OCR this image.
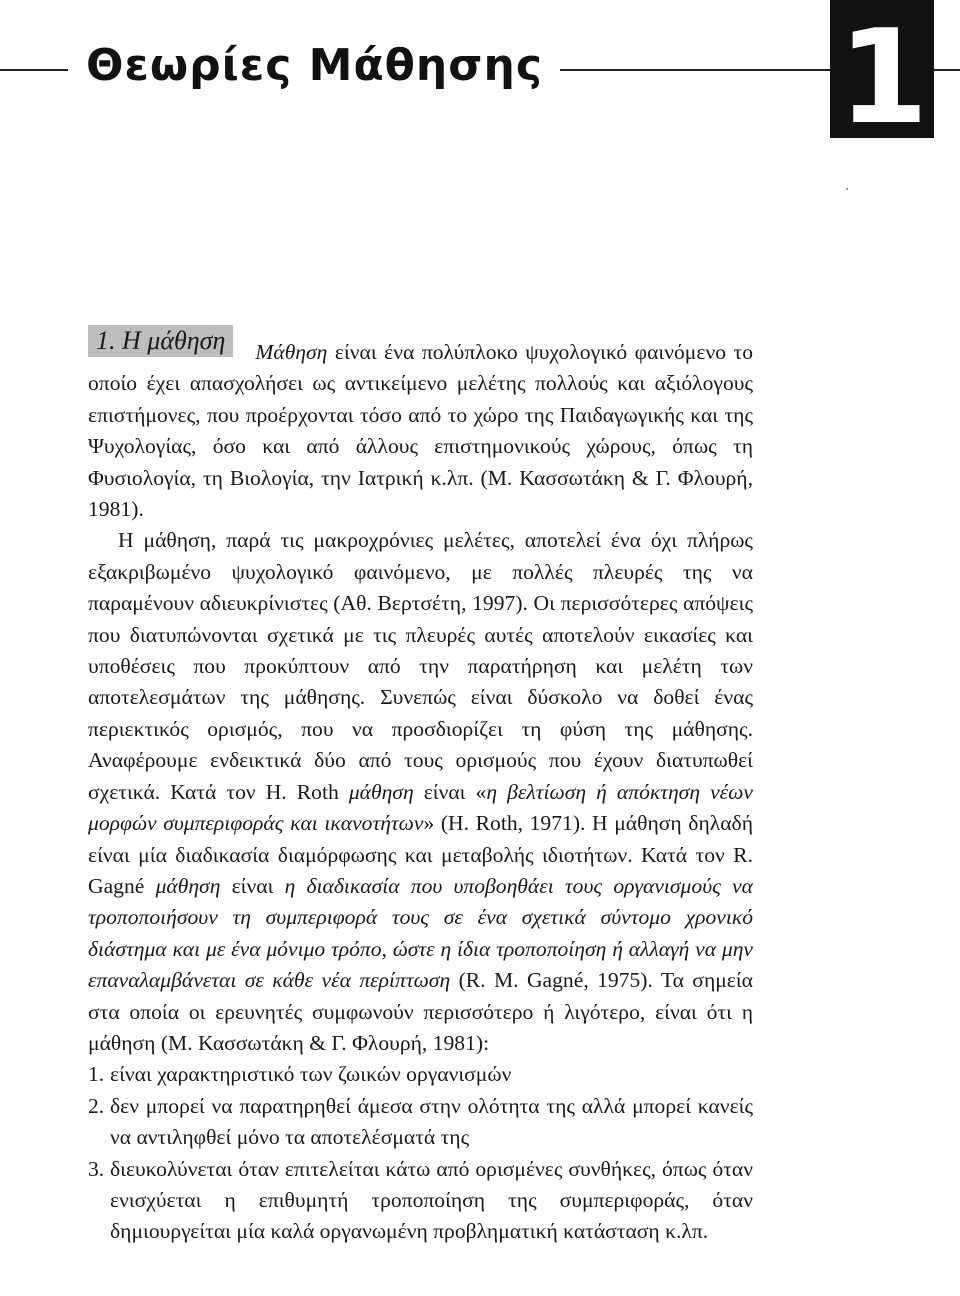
Θεωρίες Μάθησης 1

1. Η μάθηση Μάθηση είναι ένα πολύπλοκο ψυχολογικό φαινόμενο το οποίο έχει απασχολήσει ως αντικείμενο μελέτης πολλούς και αξιόλογους επιστήμονες, που προέρχονται τόσο από το χώρο της Παιδαγωγικής και της Ψυχολογίας, όσο και από άλλους επιστημονικούς χώρους, όπως τη Φυσιολογία, τη Βιολογία, την Ιατρική κ.λπ. (Μ. Κασσωτάκη & Γ. Φλουρή, 1981).

Η μάθηση, παρά τις μακροχρόνιες μελέτες, αποτελεί ένα όχι πλήρως εξακριβωμένο ψυχολογικό φαινόμενο, με πολλές πλευρές της να παραμένουν αδιευκρίνιστες (Αθ. Βερτσέτη, 1997). Οι περισσότερες απόψεις που διατυπώνονται σχετικά με τις πλευρές αυτές αποτελούν εικασίες και υποθέσεις που προκύπτουν από την παρατήρηση και μελέτη των αποτελεσμάτων της μάθησης. Συνεπώς είναι δύσκολο να δοθεί ένας περιεκτικός ορισμός, που να προσδιορίζει τη φύση της μάθησης. Αναφέρουμε ενδεικτικά δύο από τους ορισμούς που έχουν διατυπωθεί σχετικά. Κατά τον Η. Roth μάθηση είναι «η βελτίωση ή απόκτηση νέων μορφών συμπεριφοράς και ικανοτήτων» (Η. Roth, 1971). Η μάθηση δηλαδή είναι μία διαδικασία διαμόρφωσης και μεταβολής ιδιοτήτων. Κατά τον R. Gagné μάθηση είναι η διαδικασία που υποβοηθάει τους οργανισμούς να τροποποιήσουν τη συμπεριφορά τους σε ένα σχετικά σύντομο χρονικό διάστημα και με ένα μόνιμο τρόπο, ώστε η ίδια τροποποίηση ή αλλαγή να μην επαναλαμβάνεται σε κάθε νέα περίπτωση (R. M. Gagné, 1975). Τα σημεία στα οποία οι ερευνητές συμφωνούν περισσότερο ή λιγότερο, είναι ότι η μάθηση (Μ. Κασσωτάκη & Γ. Φλουρή, 1981):

1. είναι χαρακτηριστικό των ζωικών οργανισμών
2. δεν μπορεί να παρατηρηθεί άμεσα στην ολότητα της αλλά μπορεί κανείς να αντιληφθεί μόνο τα αποτελέσματά της
3. διευκολύνεται όταν επιτελείται κάτω από ορισμένες συνθήκες, όπως όταν ενισχύεται η επιθυμητή τροποποίηση της συμπεριφοράς, όταν δημιουργείται μία καλά οργανωμένη προβληματική κατάσταση κ.λπ.
